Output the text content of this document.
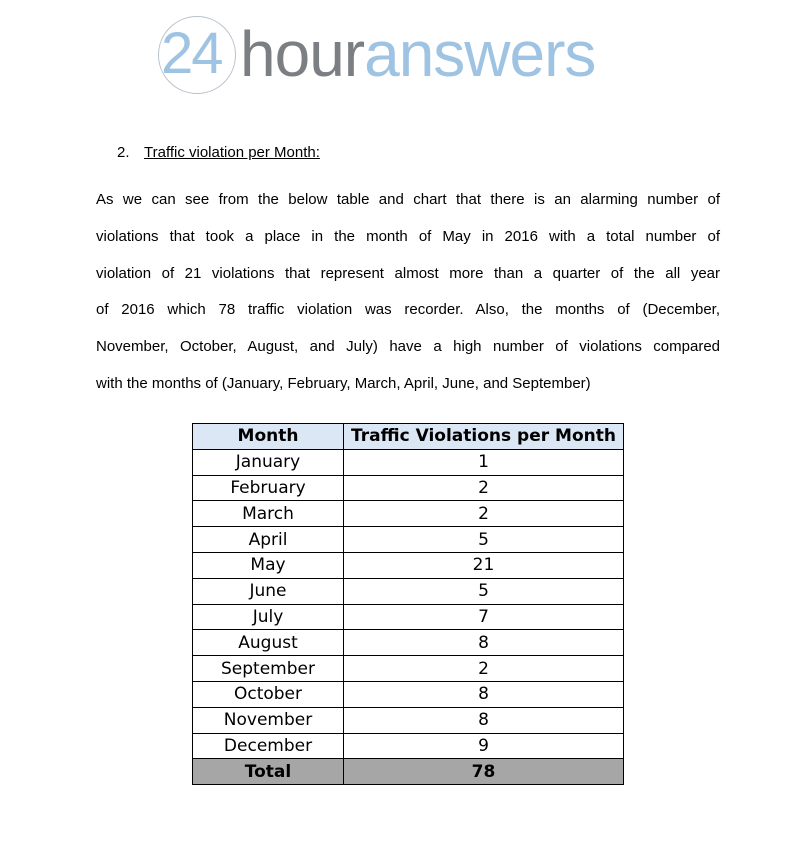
24 houranswers
2. Traffic violation per Month:
As we can see from the below table and chart that there is an alarming number of
violations that took a place in the month of May in 2016 with a total number of
violation of 21 violations that represent almost more than a quarter of the all year
of 2016 which 78 traffic violation was recorder. Also, the months of (December,
November, October, August, and July) have a high number of violations compared
with the months of (January, February, March, April, June, and September)
Month	Traffic Violations per Month
January	1
February	2
March	2
April	5
May	21
June	5
July	7
August	8
September	2
October	8
November	8
December	9
Total	78
